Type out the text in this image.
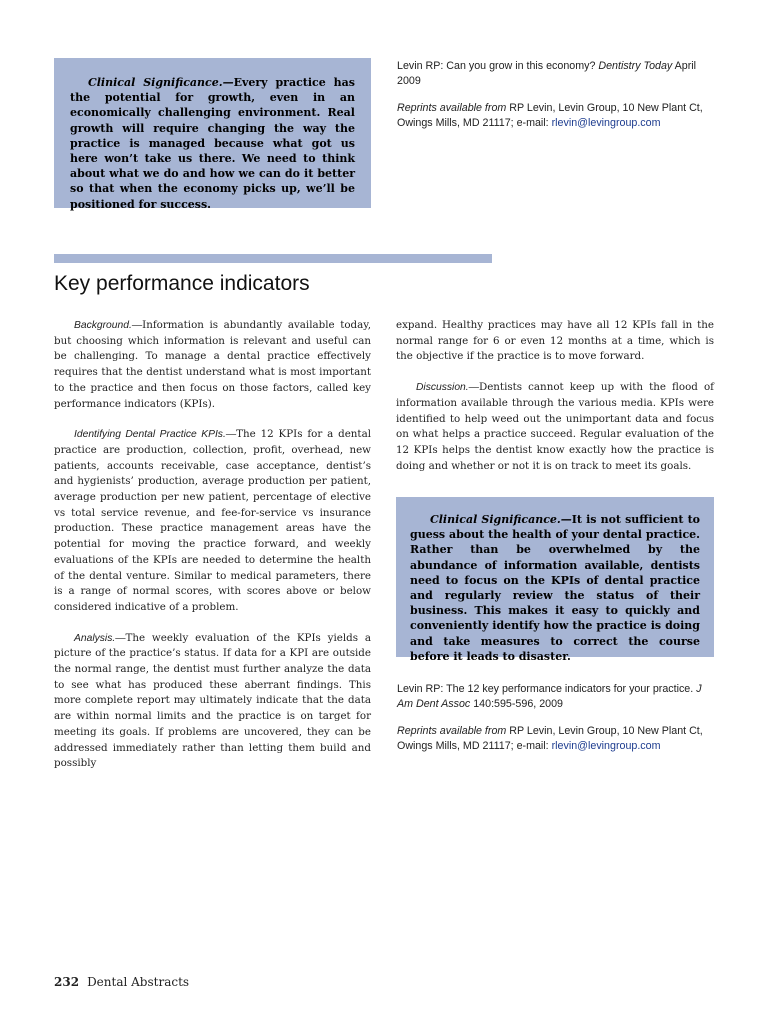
Clinical Significance.—Every practice has the potential for growth, even in an economically challenging environment. Real growth will require changing the way the practice is managed because what got us here won’t take us there. We need to think about what we do and how we can do it better so that when the economy picks up, we’ll be positioned for success.
Levin RP: Can you grow in this economy? Dentistry Today April 2009
Reprints available from RP Levin, Levin Group, 10 New Plant Ct, Owings Mills, MD 21117; e-mail: rlevin@levingroup.com
Key performance indicators

Background.—Information is abundantly available today, but choosing which information is relevant and useful can be challenging. To manage a dental practice effectively requires that the dentist understand what is most important to the practice and then focus on those factors, called key performance indicators (KPIs).

Identifying Dental Practice KPIs.—The 12 KPIs for a dental practice are production, collection, profit, overhead, new patients, accounts receivable, case acceptance, dentist’s and hygienists’ production, average production per patient, average production per new patient, percentage of elective vs total service revenue, and fee-for-service vs insurance production. These practice management areas have the potential for moving the practice forward, and weekly evaluations of the KPIs are needed to determine the health of the dental venture. Similar to medical parameters, there is a range of normal scores, with scores above or below considered indicative of a problem.

Analysis.—The weekly evaluation of the KPIs yields a picture of the practice’s status. If data for a KPI are outside the normal range, the dentist must further analyze the data to see what has produced these aberrant findings. This more complete report may ultimately indicate that the data are within normal limits and the practice is on target for meeting its goals. If problems are uncovered, they can be addressed immediately rather than letting them build and possibly

expand. Healthy practices may have all 12 KPIs fall in the normal range for 6 or even 12 months at a time, which is the objective if the practice is to move forward.

Discussion.—Dentists cannot keep up with the flood of information available through the various media. KPIs were identified to help weed out the unimportant data and focus on what helps a practice succeed. Regular evaluation of the 12 KPIs helps the dentist know exactly how the practice is doing and whether or not it is on track to meet its goals.

Clinical Significance.—It is not sufficient to guess about the health of your dental practice. Rather than be overwhelmed by the abundance of information available, dentists need to focus on the KPIs of dental practice and regularly review the status of their business. This makes it easy to quickly and conveniently identify how the practice is doing and take measures to correct the course before it leads to disaster.
Levin RP: The 12 key performance indicators for your practice. J Am Dent Assoc 140:595-596, 2009
Reprints available from RP Levin, Levin Group, 10 New Plant Ct, Owings Mills, MD 21117; e-mail: rlevin@levingroup.com
232 Dental Abstracts
